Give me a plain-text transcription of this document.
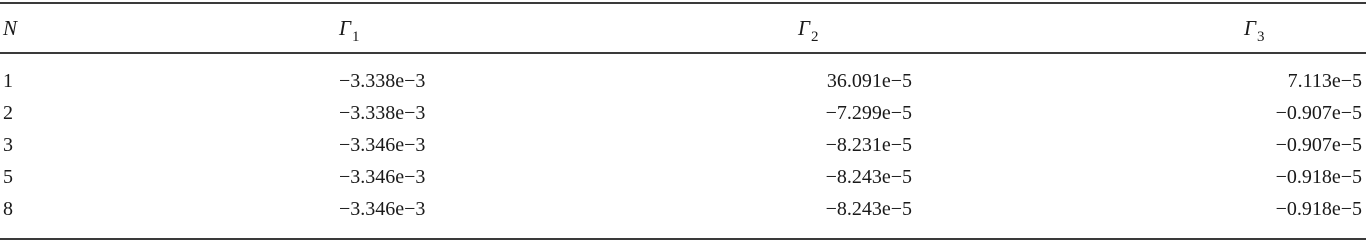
N	$\Gamma_1$	$\Gamma_2$	$\Gamma_3$
1	−3.338e−3	36.091e−5	7.113e−5
2	−3.338e−3	−7.299e−5	−0.907e−5
3	−3.346e−3	−8.231e−5	−0.907e−5
5	−3.346e−3	−8.243e−5	−0.918e−5
8	−3.346e−3	−8.243e−5	−0.918e−5
